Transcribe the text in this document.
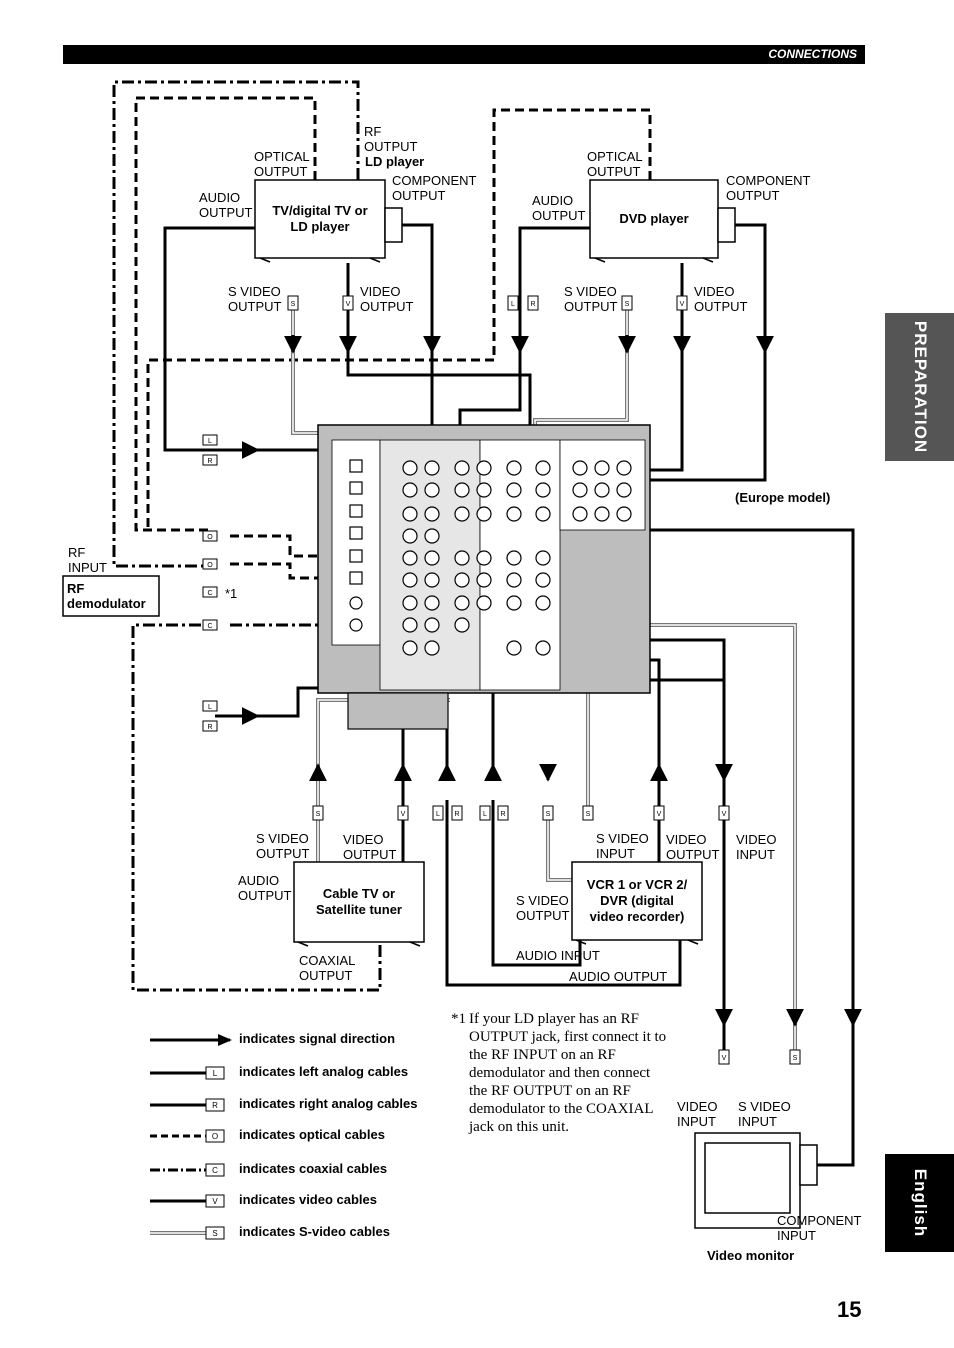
CONNECTIONS
PREPARATION
English
S	V	L R	S	V
L
R
O
O
C
C
L
R
S	V	L R	L R	S	S	V	V
V	S
TV/digital TV or
LD player
DVD player
RF
demodulator
Cable TV or
Satellite tuner
VCR 1 or VCR 2/
DVR (digital
video recorder)
Video monitor
LD player
RF
OUTPUT
OPTICAL
OUTPUT
COMPONENT
OUTPUT
AUDIO
OUTPUT
S VIDEO
OUTPUT
VIDEO
OUTPUT
OPTICAL
OUTPUT
COMPONENT
OUTPUT
AUDIO
OUTPUT
S VIDEO
OUTPUT
VIDEO
OUTPUT
RF
INPUT
*1
(Europe model)
S VIDEO
OUTPUT
VIDEO
OUTPUT
AUDIO
OUTPUT
COAXIAL
OUTPUT
S VIDEO
INPUT
VIDEO
OUTPUT
VIDEO
INPUT
S VIDEO
OUTPUT
AUDIO INPUT
AUDIO OUTPUT
VIDEO
INPUT
S VIDEO
INPUT
COMPONENT
INPUT
*1 If your LD player has an RF OUTPUT jack, first connect it to the RF INPUT on an RF demodulator and then connect the RF OUTPUT on an RF demodulator to the COAXIAL jack on this unit.
indicates signal direction
L indicates left analog cables
R indicates right analog cables
O indicates optical cables
C indicates coaxial cables
V indicates video cables
S indicates S-video cables
15
